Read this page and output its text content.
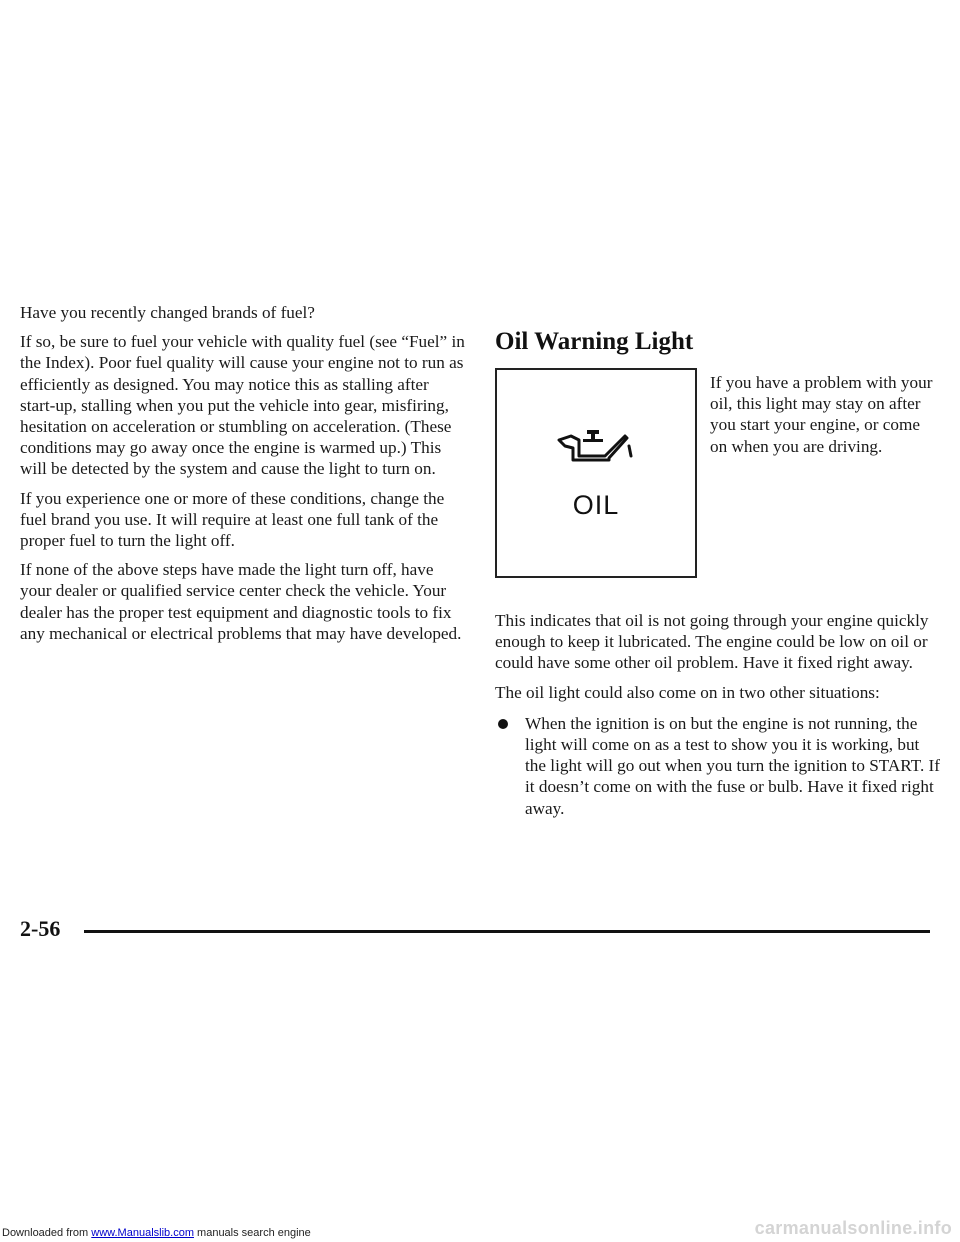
Have you recently changed brands of fuel?

If so, be sure to fuel your vehicle with quality fuel (see “Fuel” in the Index). Poor fuel quality will cause your engine not to run as efficiently as designed. You may notice this as stalling after start-up, stalling when you put the vehicle into gear, misfiring, hesitation on acceleration or stumbling on acceleration. (These conditions may go away once the engine is warmed up.) This will be detected by the system and cause the light to turn on.

If you experience one or more of these conditions, change the fuel brand you use. It will require at least one full tank of the proper fuel to turn the light off.

If none of the above steps have made the light turn off, have your dealer or qualified service center check the vehicle. Your dealer has the proper test equipment and diagnostic tools to fix any mechanical or electrical problems that may have developed.

Oil Warning Light
OIL

If you have a problem with your oil, this light may stay on after you start your engine, or come on when you are driving.

This indicates that oil is not going through your engine quickly enough to keep it lubricated. The engine could be low on oil or could have some other oil problem. Have it fixed right away.

The oil light could also come on in two other situations:

When the ignition is on but the engine is not running, the light will come on as a test to show you it is working, but the light will go out when you turn the ignition to START. If it doesn’t come on with the fuse or bulb. Have it fixed right away.
2-56
Downloaded from www.Manualslib.com manuals search engine	carmanualsonline.info
